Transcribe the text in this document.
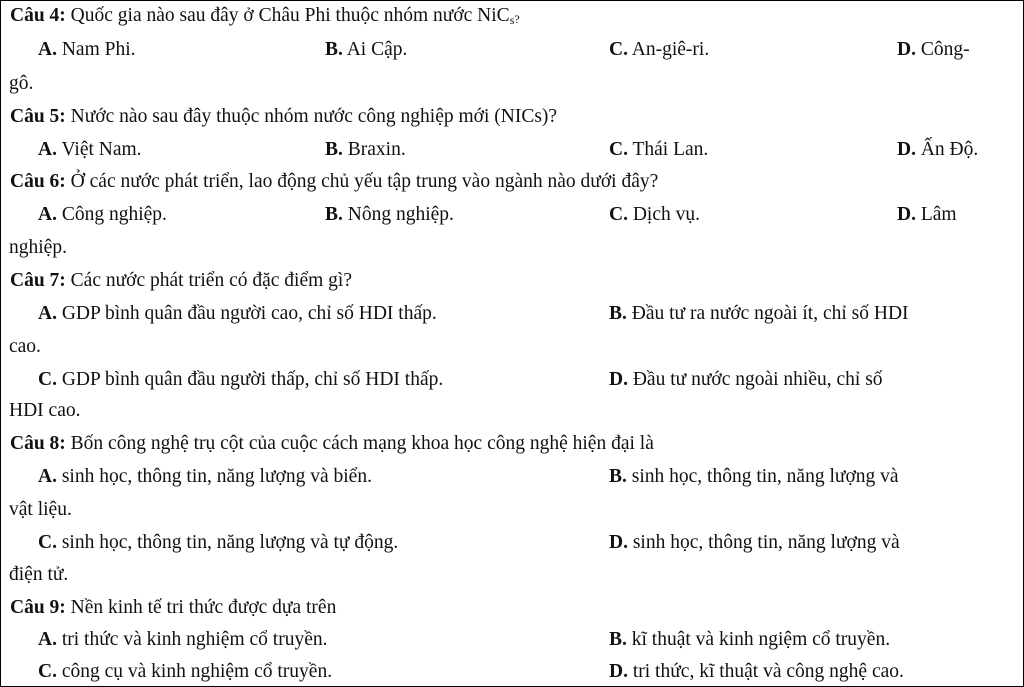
Câu 4: Quốc gia nào sau đây ở Châu Phi thuộc nhóm nước NiC$_s$?
A. Nam Phi.	B. Ai Cập.	C. An-giê-ri.	D. Công-
gô.
Câu 5: Nước nào sau đây thuộc nhóm nước công nghiệp mới (NICs)?
A. Việt Nam.	B. Braxin.	C. Thái Lan.	D. Ấn Độ.
Câu 6: Ở các nước phát triển, lao động chủ yếu tập trung vào ngành nào dưới đây?
A. Công nghiệp.	B. Nông nghiệp.	C. Dịch vụ.	D. Lâm
nghiệp.
Câu 7: Các nước phát triển có đặc điểm gì?
A. GDP bình quân đầu người cao, chỉ số HDI thấp.	B. Đầu tư ra nước ngoài ít, chỉ số HDI
cao.
C. GDP bình quân đầu người thấp, chỉ số HDI thấp.	D. Đầu tư nước ngoài nhiều, chỉ số
HDI cao.
Câu 8: Bốn công nghệ trụ cột của cuộc cách mạng khoa học công nghệ hiện đại là
A. sinh học, thông tin, năng lượng và biển.	B. sinh học, thông tin, năng lượng và
vật liệu.
C. sinh học, thông tin, năng lượng và tự động.	D. sinh học, thông tin, năng lượng và
điện tử.
Câu 9: Nền kinh tế tri thức được dựa trên
A. tri thức và kinh nghiệm cổ truyền.	B. kĩ thuật và kinh ngiệm cổ truyền.
C. công cụ và kinh nghiệm cổ truyền.	D. tri thức, kĩ thuật và công nghệ cao.
